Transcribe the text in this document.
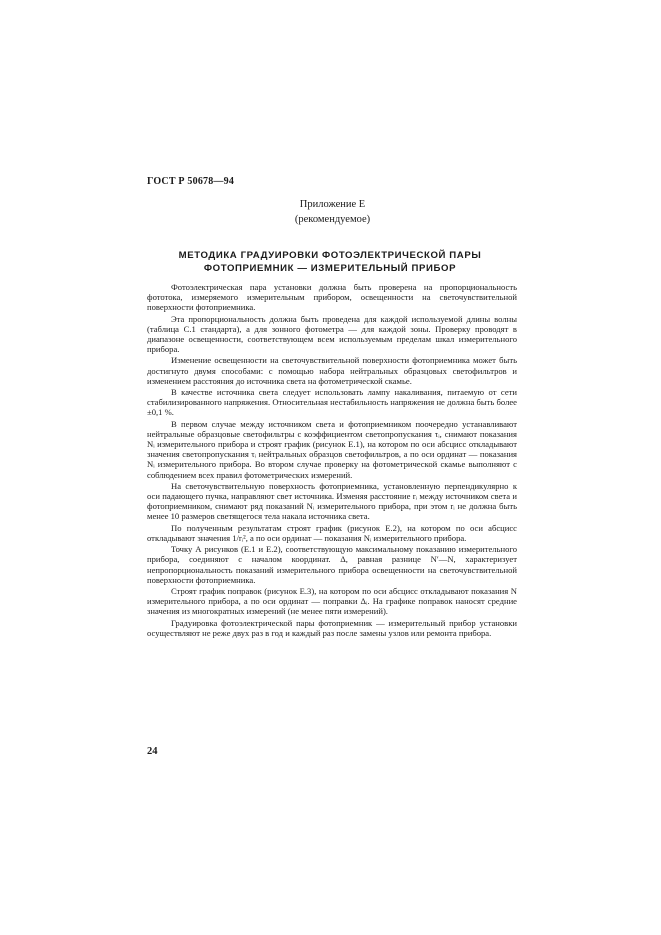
ГОСТ Р 50678—94
Приложение Е
(рекомендуемое)
МЕТОДИКА ГРАДУИРОВКИ ФОТОЭЛЕКТРИЧЕСКОЙ ПАРЫ
ФОТОПРИЕМНИК — ИЗМЕРИТЕЛЬНЫЙ ПРИБОР

Фотоэлектрическая пара установки должна быть проверена на пропорциональность фототока, измеряемого измерительным прибором, освещенности на светочувствительной поверхности фотоприемника.

Эта пропорциональность должна быть проведена для каждой используемой длины волны (таблица С.1 стандарта), а для зонного фотометра — для каждой зоны. Проверку проводят в диапазоне освещенности, соответствующем всем используемым пределам шкал измерительного прибора.

Изменение освещенности на светочувствительной поверхности фотоприемника может быть достигнуто двумя способами: с помощью набора нейтральных образцовых светофильтров и изменением расстояния до источника света на фотометрической скамье.

В качестве источника света следует использовать лампу накаливания, питаемую от сети стабилизированного напряжения. Относительная нестабильность напряжения не должна быть более ±0,1 %.

В первом случае между источником света и фотоприемником поочередно устанавливают нейтральные образцовые светофильтры с коэффициентом светопропускания τᵢ, снимают показания Nᵢ измерительного прибора и строят график (рисунок Е.1), на котором по оси абсцисс откладывают значения светопропускания τᵢ нейтральных образцов светофильтров, а по оси ординат — показания Nᵢ измерительного прибора. Во втором случае проверку на фотометрической скамье выполняют с соблюдением всех правил фотометрических измерений.

На светочувствительную поверхность фотоприемника, установленную перпендикулярно к оси падающего пучка, направляют свет источника. Изменяя расстояние rᵢ между источником света и фотоприемником, снимают ряд показаний Nᵢ измерительного прибора, при этом rᵢ не должна быть менее 10 размеров светящегося тела накала источника света.

По полученным результатам строят график (рисунок Е.2), на котором по оси абсцисс откладывают значения 1/rᵢ², а по оси ординат — показания Nᵢ измерительного прибора.

Точку А рисунков (Е.1 и Е.2), соответствующую максимальному показанию измерительного прибора, соединяют с началом координат. Δ, равная разнице N′—N, характеризует непропорциональность показаний измерительного прибора освещенности на светочувствительной поверхности фотоприемника.

Строят график поправок (рисунок Е.3), на котором по оси абсцисс откладывают показания N измерительного прибора, а по оси ординат — поправки Δᵢ. На графике поправок наносят средние значения из многократных измерений (не менее пяти измерений).

Градуировка фотоэлектрической пары фотоприемник — измерительный прибор установки осуществляют не реже двух раз в год и каждый раз после замены узлов или ремонта прибора.

24
